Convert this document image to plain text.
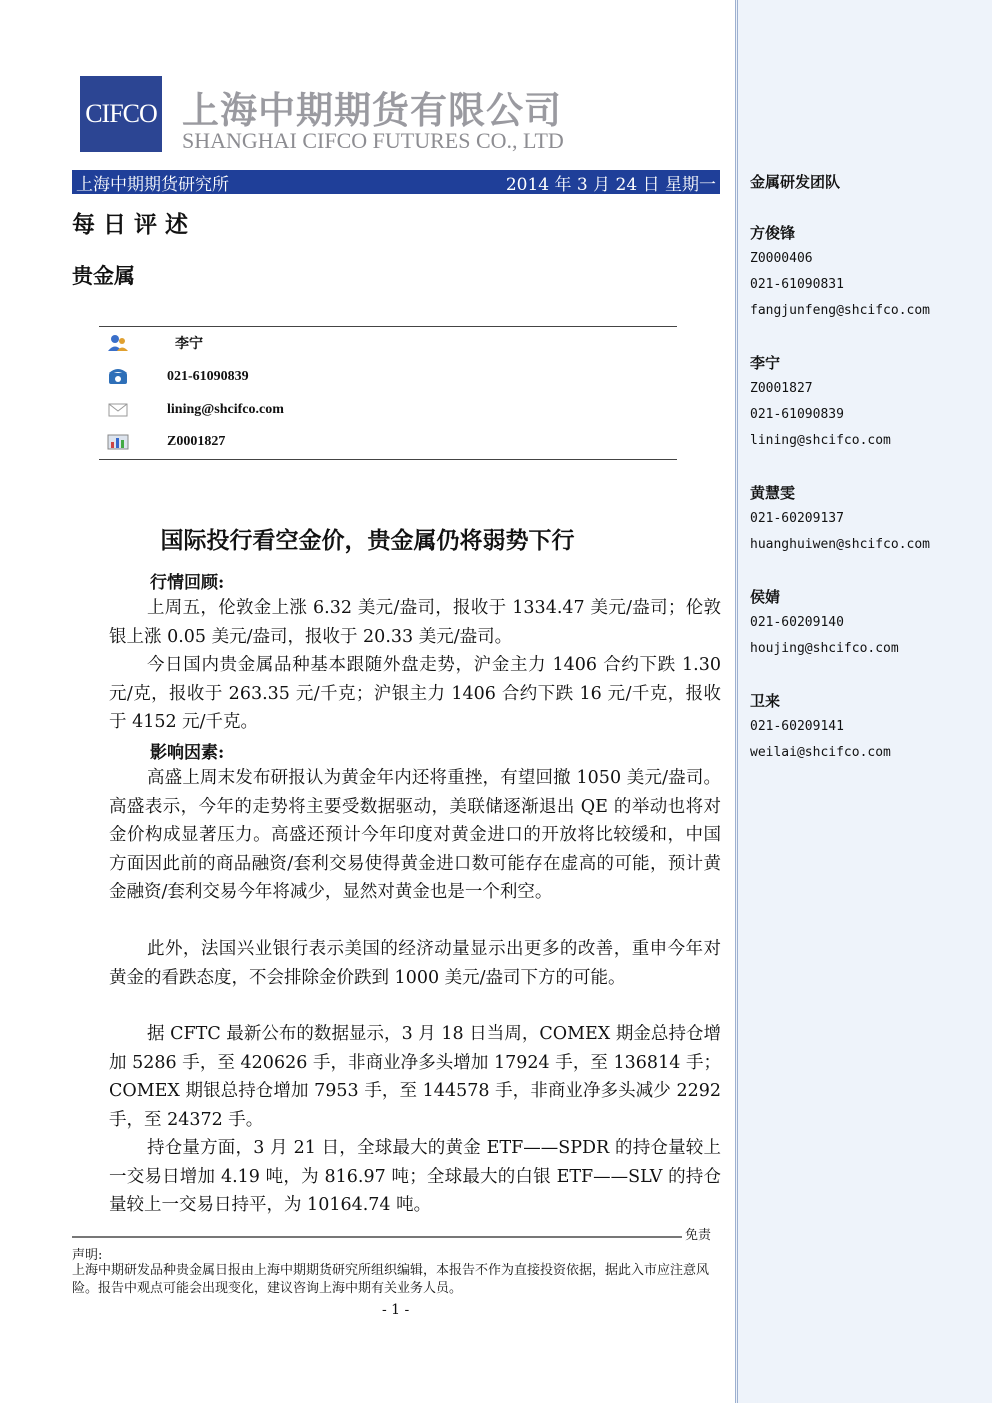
CIFCO 上海中期期货有限公司
SHANGHAI CIFCO FUTURES CO., LTD
上海中期期货研究所	2014 年 3 月 24 日 星期一
每日评述
贵金属
李宁
021-61090839
lining@shcifco.com
Z0001827
国际投行看空金价，贵金属仍将弱势下行
行情回顾:
上周五，伦敦金上涨 6.32 美元/盎司，报收于 1334.47 美元/盎司；伦敦银上涨 0.05 美元/盎司，报收于 20.33 美元/盎司。
今日国内贵金属品种基本跟随外盘走势，沪金主力 1406 合约下跌 1.30 元/克，报收于 263.35 元/千克；沪银主力 1406 合约下跌 16 元/千克，报收于 4152 元/千克。
影响因素:
高盛上周末发布研报认为黄金年内还将重挫，有望回撤 1050 美元/盎司。高盛表示，今年的走势将主要受数据驱动，美联储逐渐退出 QE 的举动也将对金价构成显著压力。高盛还预计今年印度对黄金进口的开放将比较缓和，中国方面因此前的商品融资/套利交易使得黄金进口数可能存在虚高的可能，预计黄金融资/套利交易今年将减少，显然对黄金也是一个利空。
此外，法国兴业银行表示美国的经济动量显示出更多的改善，重申今年对黄金的看跌态度，不会排除金价跌到 1000 美元/盎司下方的可能。
据 CFTC 最新公布的数据显示，3 月 18 日当周，COMEX 期金总持仓增加 5286 手，至 420626 手，非商业净多头增加 17924 手，至 136814 手；COMEX 期银总持仓增加 7953 手，至 144578 手，非商业净多头减少 2292 手，至 24372 手。
持仓量方面，3 月 21 日，全球最大的黄金 ETF——SPDR 的持仓量较上一交易日增加 4.19 吨，为 816.97 吨；全球最大的白银 ETF——SLV 的持仓量较上一交易日持平，为 10164.74 吨。
免责
声明:
上海中期研发品种贵金属日报由上海中期期货研究所组织编辑，本报告不作为直接投资依据，据此入市应注意风险。报告中观点可能会出现变化，建议咨询上海中期有关业务人员。
- 1 -
金属研发团队
方俊锋
Z0000406
021-61090831
fangjunfeng@shcifco.com
李宁
Z0001827
021-61090839
lining@shcifco.com
黄慧雯
021-60209137
huanghuiwen@shcifco.com
侯婧
021-60209140
houjing@shcifco.com
卫来
021-60209141
weilai@shcifco.com
